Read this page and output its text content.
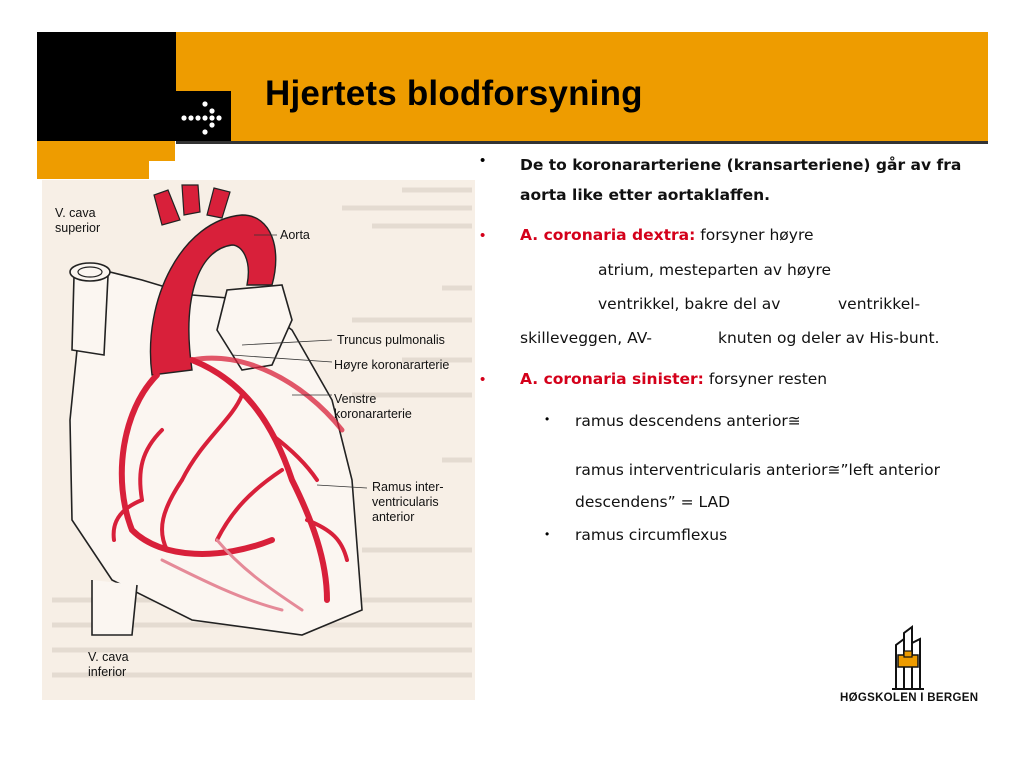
Hjertets blodforsyning
V. cava
superior
Aorta
Truncus pulmonalis
Høyre koronararterie
Venstre
koronararterie
Ramus inter-
ventricularis
anterior
V. cava
inferior
• De to koronararteriene (kransarteriene) går av fra aorta like etter aortaklaffen.
• A. coronaria dextra: forsyner høyre
atrium, mesteparten av høyre
ventrikkel, bakre del av	ventrikkel-
skilleveggen, AV-	knuten og deler av His-bunt.
• A. coronaria sinister: forsyner resten
• ramus descendens anterior≅
ramus interventricularis anterior≅”left anterior descendens” = LAD
• ramus circumflexus
HØGSKOLEN I BERGEN
